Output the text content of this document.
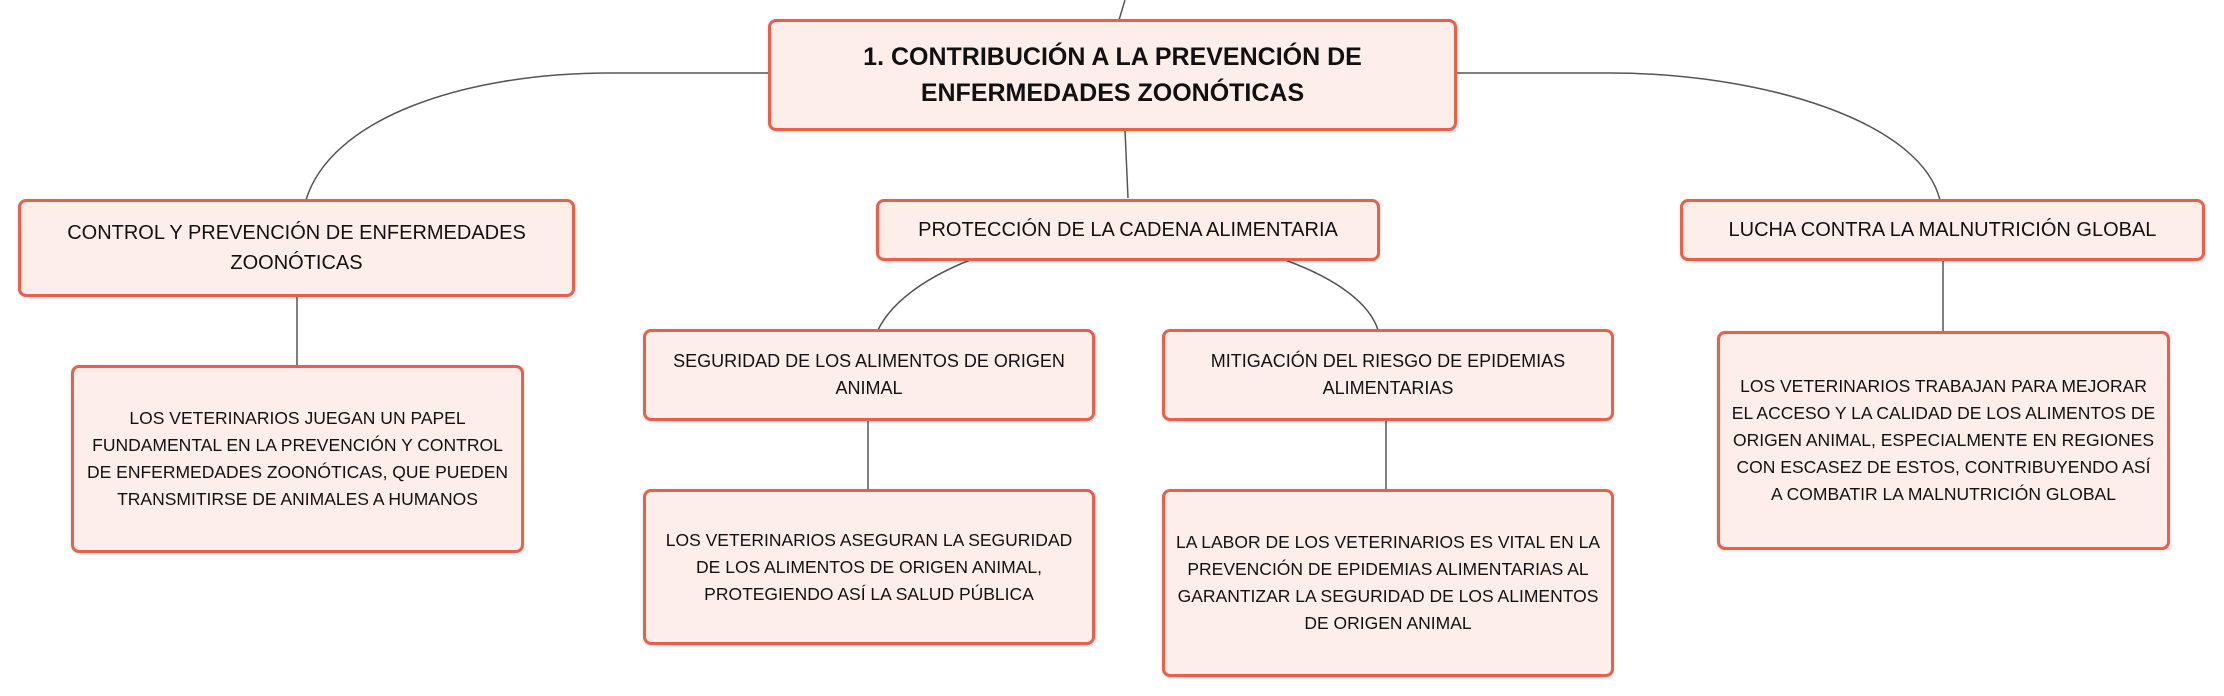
1. CONTRIBUCIÓN A LA PREVENCIÓN DE ENFERMEDADES ZOONÓTICAS
CONTROL Y PREVENCIÓN DE ENFERMEDADES ZOONÓTICAS
PROTECCIÓN DE LA CADENA ALIMENTARIA	LUCHA CONTRA LA MALNUTRICIÓN GLOBAL
LOS VETERINARIOS JUEGAN UN PAPEL FUNDAMENTAL EN LA PREVENCIÓN Y CONTROL DE ENFERMEDADES ZOONÓTICAS, QUE PUEDEN TRANSMITIRSE DE ANIMALES A HUMANOS
SEGURIDAD DE LOS ALIMENTOS DE ORIGEN ANIMAL
MITIGACIÓN DEL RIESGO DE EPIDEMIAS ALIMENTARIAS
LOS VETERINARIOS ASEGURAN LA SEGURIDAD DE LOS ALIMENTOS DE ORIGEN ANIMAL, PROTEGIENDO ASÍ LA SALUD PÚBLICA
LA LABOR DE LOS VETERINARIOS ES VITAL EN LA PREVENCIÓN DE EPIDEMIAS ALIMENTARIAS AL GARANTIZAR LA SEGURIDAD DE LOS ALIMENTOS DE ORIGEN ANIMAL
LOS VETERINARIOS TRABAJAN PARA MEJORAR EL ACCESO Y LA CALIDAD DE LOS ALIMENTOS DE ORIGEN ANIMAL, ESPECIALMENTE EN REGIONES CON ESCASEZ DE ESTOS, CONTRIBUYENDO ASÍ A COMBATIR LA MALNUTRICIÓN GLOBAL
